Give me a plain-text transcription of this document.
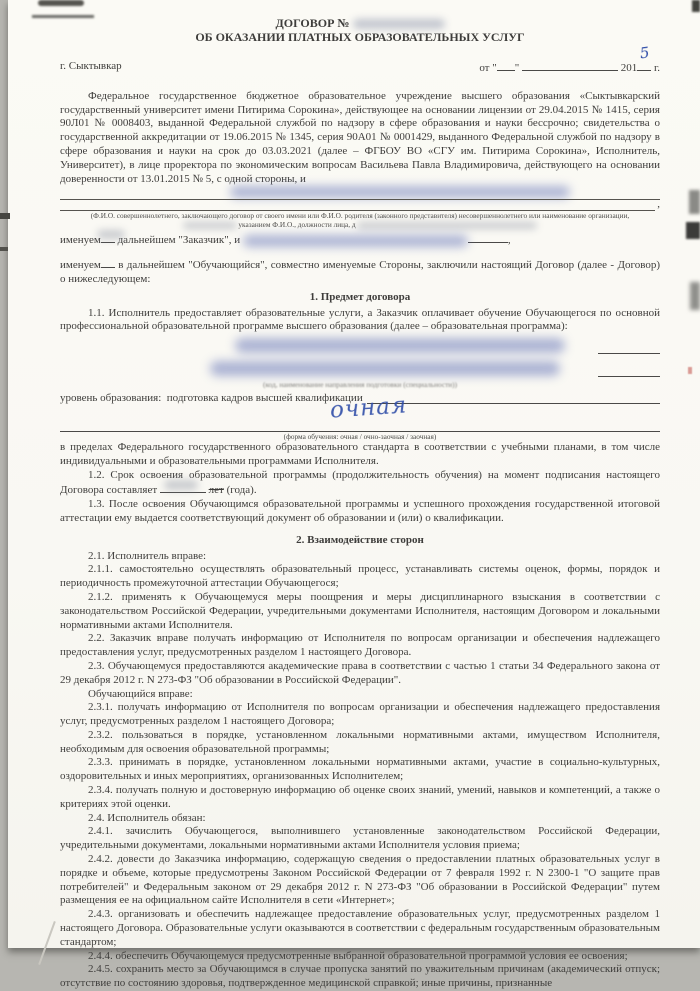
ДОГОВОР №
ОБ ОКАЗАНИИ ПЛАТНЫХ ОБРАЗОВАТЕЛЬНЫХ УСЛУГ
г. Сыктывкар	от " "	201
5
г.

Федеральное государственное бюджетное образовательное учреждение высшего образования «Сыктывкарский государственный университет имени Питирима Сорокина», действующее на основании лицензии от 29.04.2015 № 1415, серия 90Л01 № 0008403, выданной Федеральной службой по надзору в сфере образования и науки бессрочно; свидетельства о государственной аккредитации от 19.06.2015 № 1345, серия 90А01 № 0001429, выданного Федеральной службой по надзору в сфере образования и науки на срок до 03.03.2021 (далее – ФГБОУ ВО «СГУ им. Питирима Сорокина», Исполнитель, Университет), в лице проректора по экономическим вопросам Васильева Павла Владимировича, действующего на основании доверенности от 13.01.2015 № 5, с одной стороны, и

,
(Ф.И.О. совершеннолетнего, заключающего договор от своего имени или Ф.И.О. родителя (законного представителя) несовершеннолетнего или наименование организации,
указанием Ф.И.О., должности лица, д
именуем дальнейшем "Заказчик", и	,

именуем в дальнейшем "Обучающийся", совместно именуемые Стороны, заключили настоящий Договор (далее - Договор) о нижеследующем:

1. Предмет договора

1.1. Исполнитель предоставляет образовательные услуги, а Заказчик оплачивает обучение Обучающегося по основной профессиональной образовательной программе высшего образования (далее – образовательная программа):

(код, наименование направления подготовки (специальности))
уровень образования:  подготовка кадров высшей квалификации
очная
(форма обучения: очная / очно-заочная / заочная)

в пределах Федерального государственного образовательного стандарта в соответствии с учебными планами, в том числе индивидуальными и образовательными программами Исполнителя.

1.2. Срок освоения образовательной программы (продолжительность обучения) на момент подписания настоящего Договора составляет	лет (года).

1.3. После освоения Обучающимся образовательной программы и успешного прохождения государственной итоговой аттестации ему выдается соответствующий документ об образовании и (или) о квалификации.

2. Взаимодействие сторон

2.1. Исполнитель вправе:

2.1.1. самостоятельно осуществлять образовательный процесс, устанавливать системы оценок, формы, порядок и периодичность промежуточной аттестации Обучающегося;

2.1.2. применять к Обучающемуся меры поощрения и меры дисциплинарного взыскания в соответствии с законодательством Российской Федерации, учредительными документами Исполнителя, настоящим Договором и локальными нормативными актами Исполнителя.

2.2. Заказчик вправе получать информацию от Исполнителя по вопросам организации и обеспечения надлежащего предоставления услуг, предусмотренных разделом 1 настоящего Договора.

2.3. Обучающемуся предоставляются академические права в соответствии с частью 1 статьи 34 Федерального закона от 29 декабря 2012 г. N 273-ФЗ "Об образовании в Российской Федерации".

Обучающийся вправе:

2.3.1. получать информацию от Исполнителя по вопросам организации и обеспечения надлежащего предоставления услуг, предусмотренных разделом 1 настоящего Договора;

2.3.2. пользоваться в порядке, установленном локальными нормативными актами, имуществом Исполнителя, необходимым для освоения образовательной программы;

2.3.3. принимать в порядке, установленном локальными нормативными актами, участие в социально-культурных, оздоровительных и иных мероприятиях, организованных Исполнителем;

2.3.4. получать полную и достоверную информацию об оценке своих знаний, умений, навыков и компетенций, а также о критериях этой оценки.

2.4. Исполнитель обязан:

2.4.1. зачислить Обучающегося, выполнившего установленные законодательством Российской Федерации, учредительными документами, локальными нормативными актами Исполнителя условия приема;

2.4.2. довести до Заказчика информацию, содержащую сведения о предоставлении платных образовательных услуг в порядке и объеме, которые предусмотрены Законом Российской Федерации от 7 февраля 1992 г. N 2300-1 "О защите прав потребителей" и Федеральным законом от 29 декабря 2012 г. N 273-ФЗ "Об образовании в Российской Федерации" путем размещения ее на официальном сайте Исполнителя в сети «Интернет»;

2.4.3. организовать и обеспечить надлежащее предоставление образовательных услуг, предусмотренных разделом 1 настоящего Договора. Образовательные услуги оказываются в соответствии с федеральным государственным образовательным стандартом;

2.4.4. обеспечить Обучающемуся предусмотренные выбранной образовательной программой условия ее освоения;

2.4.5. сохранить место за Обучающимся в случае пропуска занятий по уважительным причинам (академический отпуск; отсутствие по состоянию здоровья, подтвержденное медицинской справкой; иные причины, признанные
